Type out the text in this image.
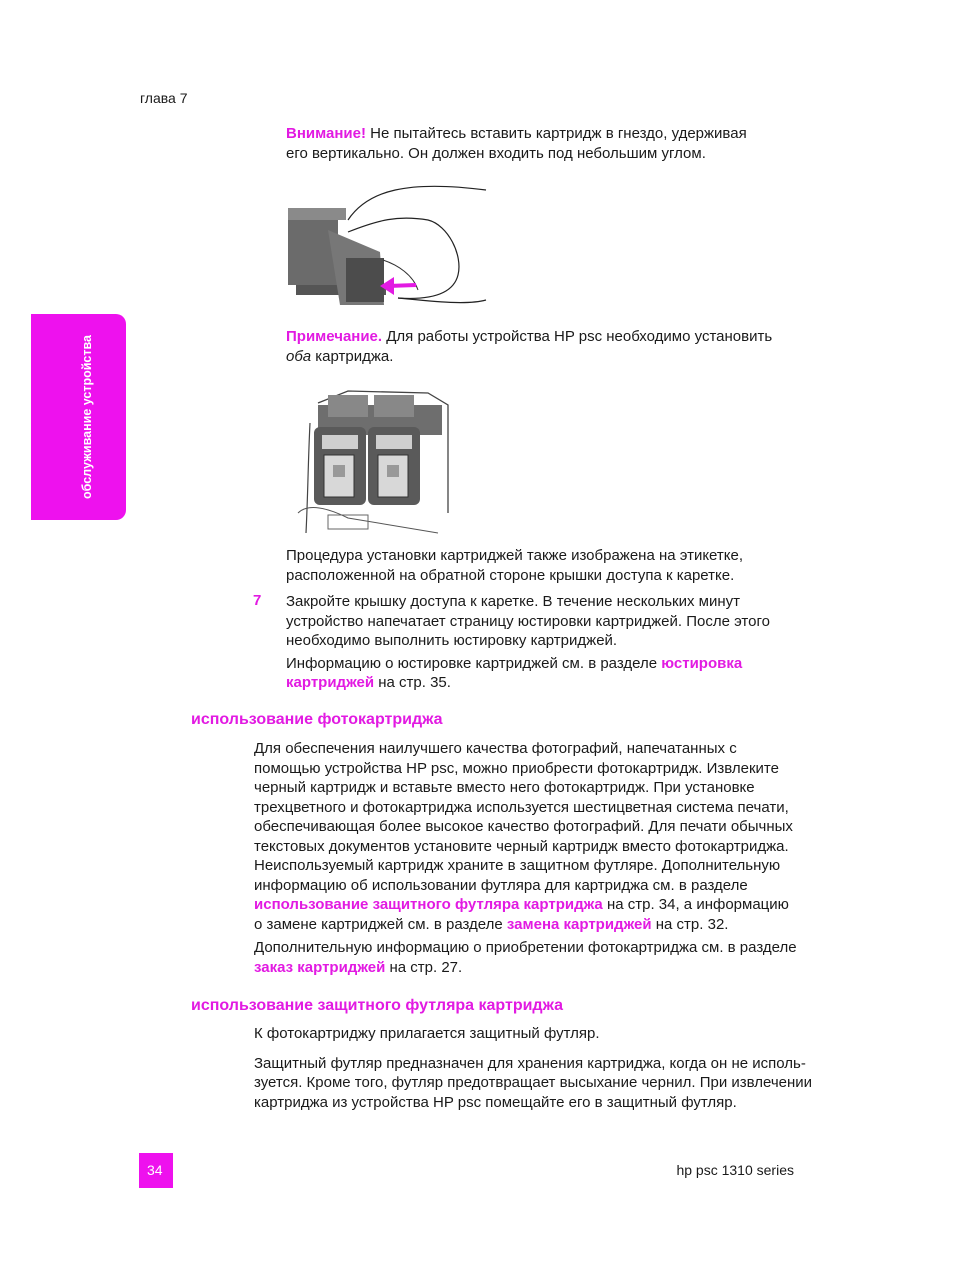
глава 7
обслуживание устройства

Внимание! Не пытайтесь вставить картридж в гнездо, удерживая

его вертикально. Он должен входить под небольшим углом.

Примечание. Для работы устройства HP psc необходимо установить

оба картриджа.

Процедура установки картриджей также изображена на этикетке,

расположенной на обратной стороне крышки доступа к каретке.

7 Закройте крышку доступа к каретке. В течение нескольких минут

устройство напечатает страницу юстировки картриджей. После этого

необходимо выполнить юстировку картриджей.

Информацию о юстировке картриджей см. в разделе юстировка

картриджей на стр. 35.

использование фотокартриджа

Для обеспечения наилучшего качества фотографий, напечатанных с

помощью устройства HP psc, можно приобрести фотокартридж. Извлеките

черный картридж и вставьте вместо него фотокартридж. При установке

трехцветного и фотокартриджа используется шестицветная система печати,

обеспечивающая более высокое качество фотографий. Для печати обычных

текстовых документов установите черный картридж вместо фотокартриджа.

Неиспользуемый картридж храните в защитном футляре. Дополнительную

информацию об использовании футляра для картриджа см. в разделе

использование защитного футляра картриджа на стр. 34, а информацию

о замене картриджей см. в разделе замена картриджей на стр. 32.

Дополнительную информацию о приобретении фотокартриджа см. в разделе

заказ картриджей на стр. 27.

использование защитного футляра картриджа

К фотокартриджу прилагается защитный футляр.

Защитный футляр предназначен для хранения картриджа, когда он не исполь-

зуется. Кроме того, футляр предотвращает высыхание чернил. При извлечении

картриджа из устройства HP psc помещайте его в защитный футляр.

34	hp psc 1310 series
